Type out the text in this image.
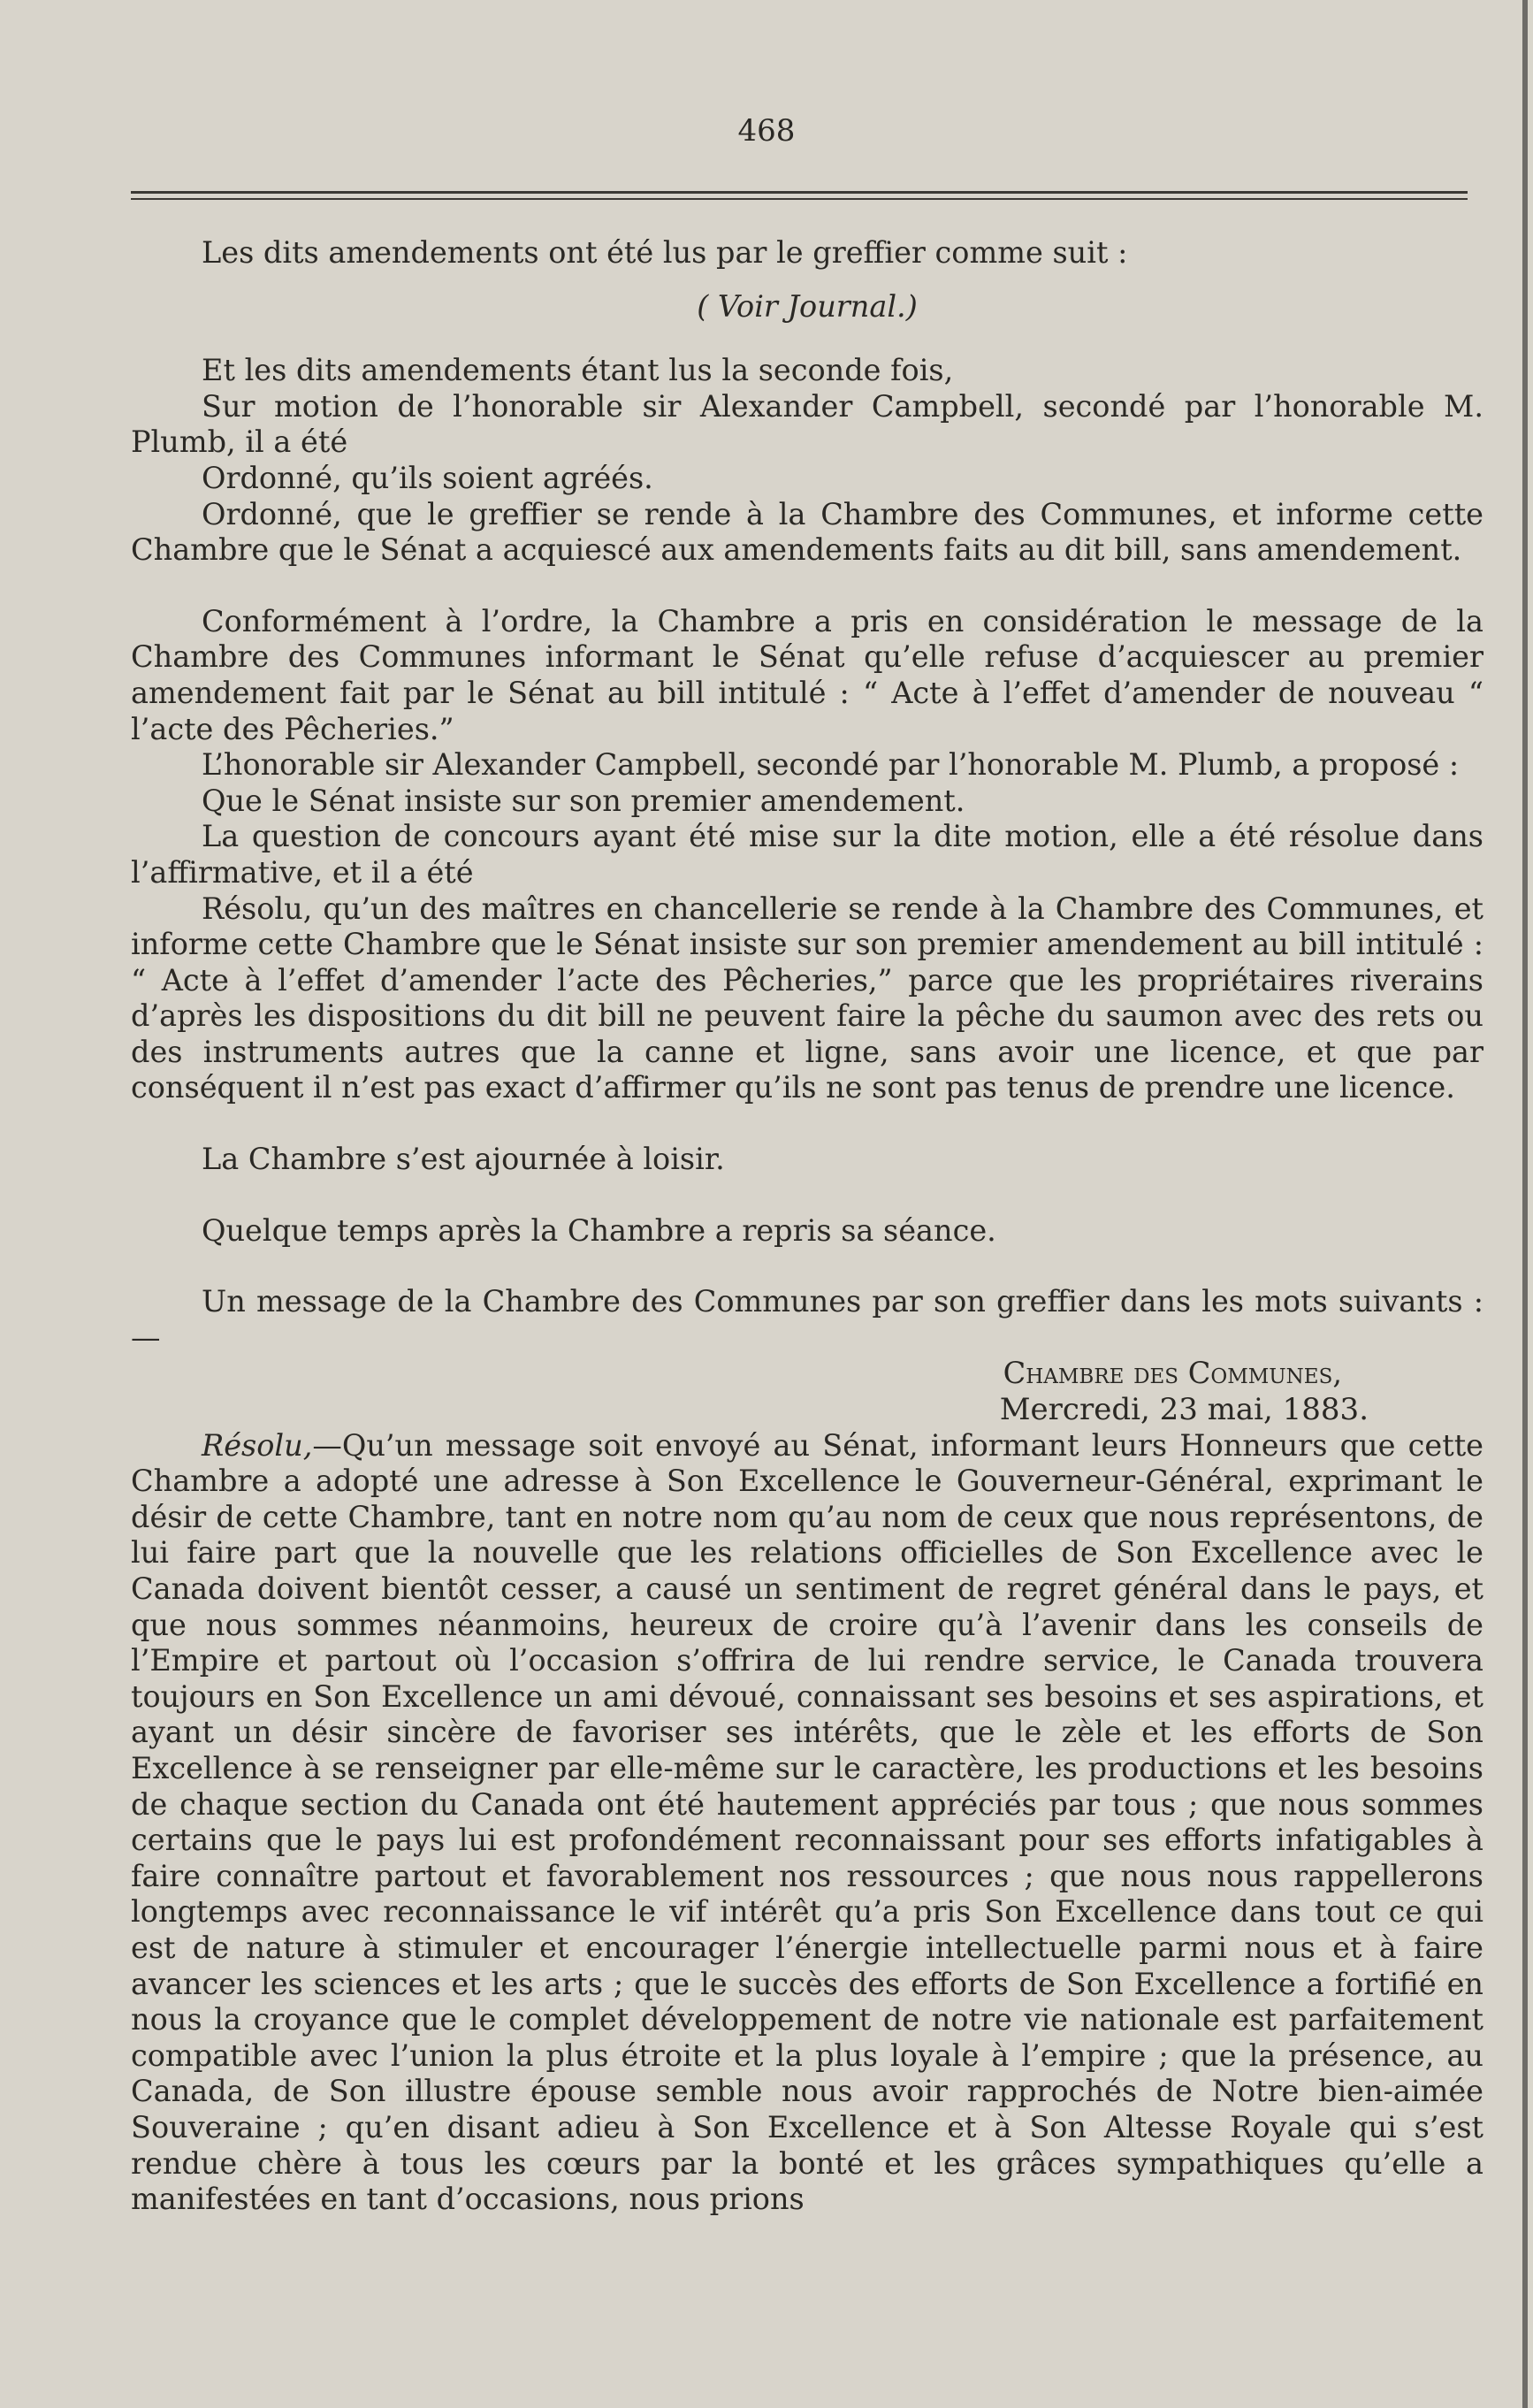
468

Les dits amendements ont été lus par le greffier comme suit :

( Voir Journal.)

Et les dits amendements étant lus la seconde fois,

Sur motion de l’honorable sir Alexander Campbell, secondé par l’honorable M. Plumb, il a été

Ordonné, qu’ils soient agréés.

Ordonné, que le greffier se rende à la Chambre des Communes, et informe cette Chambre que le Sénat a acquiescé aux amendements faits au dit bill, sans amendement.

Conformément à l’ordre, la Chambre a pris en considération le message de la Chambre des Communes informant le Sénat qu’elle refuse d’acquiescer au premier amendement fait par le Sénat au bill intitulé : “ Acte à l’effet d’amender de nouveau “ l’acte des Pêcheries.”

L’honorable sir Alexander Campbell, secondé par l’honorable M. Plumb, a proposé :

Que le Sénat insiste sur son premier amendement.

La question de concours ayant été mise sur la dite motion, elle a été résolue dans l’affirmative, et il a été

Résolu, qu’un des maîtres en chancellerie se rende à la Chambre des Communes, et informe cette Chambre que le Sénat insiste sur son premier amendement au bill intitulé : “ Acte à l’effet d’amender l’acte des Pêcheries,” parce que les propriétaires riverains d’après les dispositions du dit bill ne peuvent faire la pêche du saumon avec des rets ou des instruments autres que la canne et ligne, sans avoir une licence, et que par conséquent il n’est pas exact d’affirmer qu’ils ne sont pas tenus de prendre une licence.

La Chambre s’est ajournée à loisir.

Quelque temps après la Chambre a repris sa séance.

Un message de la Chambre des Communes par son greffier dans les mots suivants :—

Chambre des Communes,

Mercredi, 23 mai, 1883.

Résolu,—Qu’un message soit envoyé au Sénat, informant leurs Honneurs que cette Chambre a adopté une adresse à Son Excellence le Gouverneur-Général, exprimant le désir de cette Chambre, tant en notre nom qu’au nom de ceux que nous représentons, de lui faire part que la nouvelle que les relations officielles de Son Excellence avec le Canada doivent bientôt cesser, a causé un sentiment de regret général dans le pays, et que nous sommes néanmoins, heureux de croire qu’à l’avenir dans les conseils de l’Empire et partout où l’occasion s’offrira de lui rendre service, le Canada trouvera toujours en Son Excellence un ami dévoué, connaissant ses besoins et ses aspirations, et ayant un désir sincère de favoriser ses intérêts, que le zèle et les efforts de Son Excellence à se renseigner par elle-même sur le caractère, les productions et les besoins de chaque section du Canada ont été hautement appréciés par tous ; que nous sommes certains que le pays lui est profondément reconnaissant pour ses efforts infatigables à faire connaître partout et favorablement nos ressources ; que nous nous rappellerons longtemps avec reconnaissance le vif intérêt qu’a pris Son Excellence dans tout ce qui est de nature à stimuler et encourager l’énergie intellectuelle parmi nous et à faire avancer les sciences et les arts ; que le succès des efforts de Son Excellence a fortifié en nous la croyance que le complet développement de notre vie nationale est parfaitement compatible avec l’union la plus étroite et la plus loyale à l’empire ; que la présence, au Canada, de Son illustre épouse semble nous avoir rapprochés de Notre bien-aimée Souveraine ; qu’en disant adieu à Son Excellence et à Son Altesse Royale qui s’est rendue chère à tous les cœurs par la bonté et les grâces sympathiques qu’elle a manifestées en tant d’occasions, nous prions
